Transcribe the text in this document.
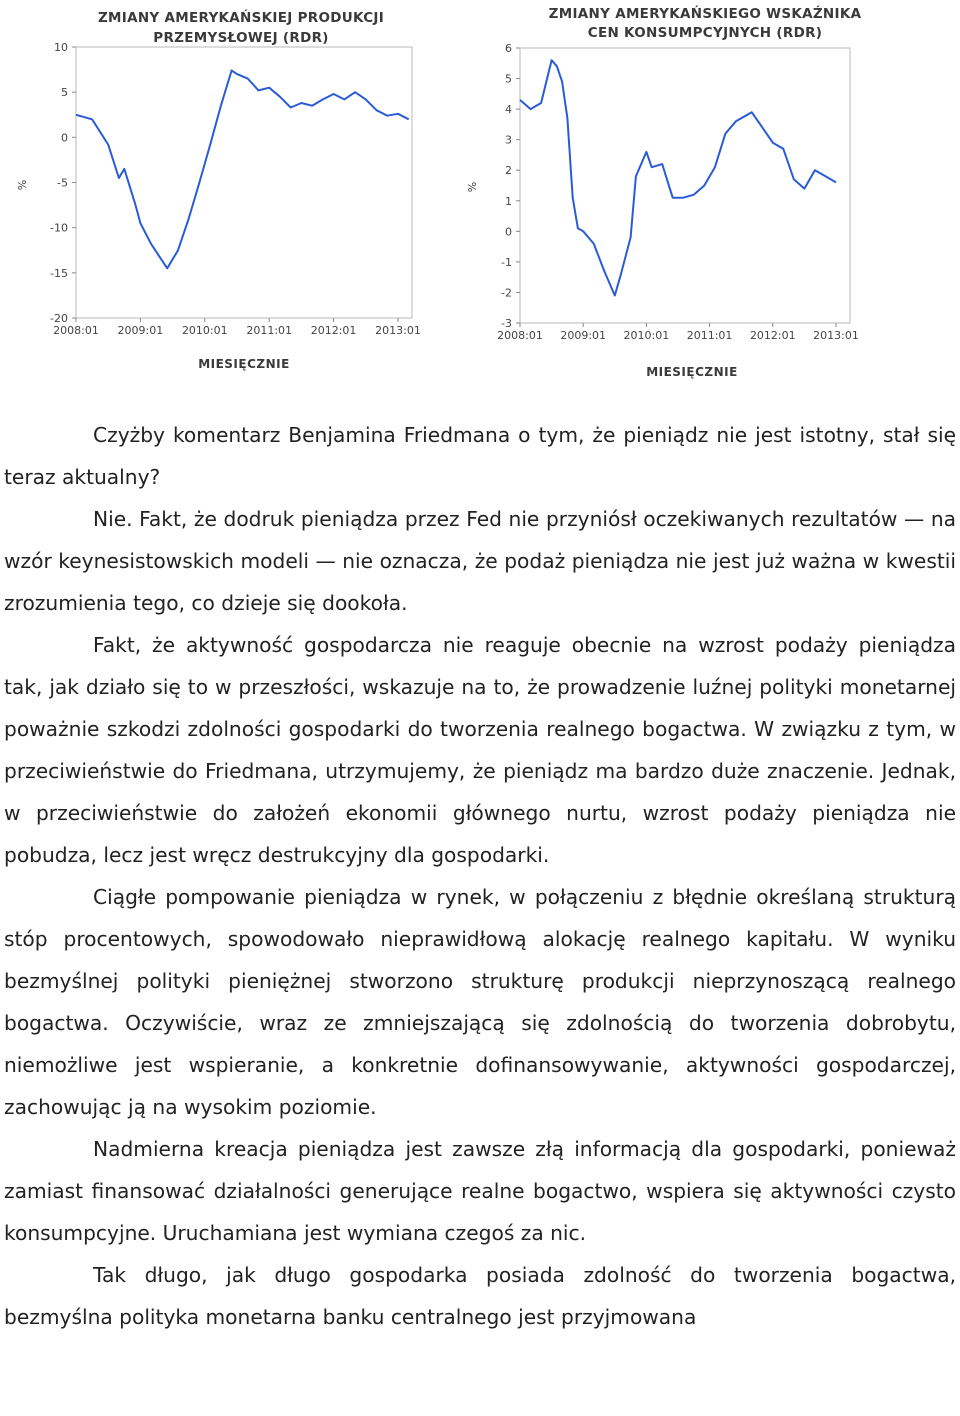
ZMIANY AMERYKAŃSKIEJ PRODUKCJI
PRZEMYSŁOWEJ (RDR)
10
5
0
-5
-10
-15
-20
2008:01 2009:01 2010:01 2011:01 2012:01 2013:01
%
MIESIĘCZNIE
ZMIANY AMERYKAŃSKIEGO WSKAŹNIKA
CEN KONSUMPCYJNYCH (RDR)
6
5
4
3
2
1
0
-1
-2
-3
2008:01 2009:01 2010:01 2011:01 2012:01 2013:01
%
MIESIĘCZNIE

Czyżby komentarz Benjamina Friedmana o tym, że pieniądz nie jest istotny, stał się teraz aktualny?

Nie. Fakt, że dodruk pieniądza przez Fed nie przyniósł oczekiwanych rezultatów — na wzór keynesistowskich modeli — nie oznacza, że podaż pieniądza nie jest już ważna w kwestii zrozumienia tego, co dzieje się dookoła.

Fakt, że aktywność gospodarcza nie reaguje obecnie na wzrost podaży pieniądza tak, jak działo się to w przeszłości, wskazuje na to, że prowadzenie luźnej polityki monetarnej poważnie szkodzi zdolności gospodarki do tworzenia realnego bogactwa. W związku z tym, w przeciwieństwie do Friedmana, utrzymujemy, że pieniądz ma bardzo duże znaczenie. Jednak, w przeciwieństwie do założeń ekonomii głównego nurtu, wzrost podaży pieniądza nie pobudza, lecz jest wręcz destrukcyjny dla gospodarki.

Ciągłe pompowanie pieniądza w rynek, w połączeniu z błędnie określaną strukturą stóp procentowych, spowodowało nieprawidłową alokację realnego kapitału. W wyniku bezmyślnej polityki pieniężnej stworzono strukturę produkcji nieprzynoszącą realnego bogactwa. Oczywiście, wraz ze zmniejszającą się zdolnością do tworzenia dobrobytu, niemożliwe jest wspieranie, a konkretnie dofinansowywanie, aktywności gospodarczej, zachowując ją na wysokim poziomie.

Nadmierna kreacja pieniądza jest zawsze złą informacją dla gospodarki, ponieważ zamiast finansować działalności generujące realne bogactwo, wspiera się aktywności czysto konsumpcyjne. Uruchamiana jest wymiana czegoś za nic.

Tak długo, jak długo gospodarka posiada zdolność do tworzenia bogactwa, bezmyślna polityka monetarna banku centralnego jest przyjmowana
